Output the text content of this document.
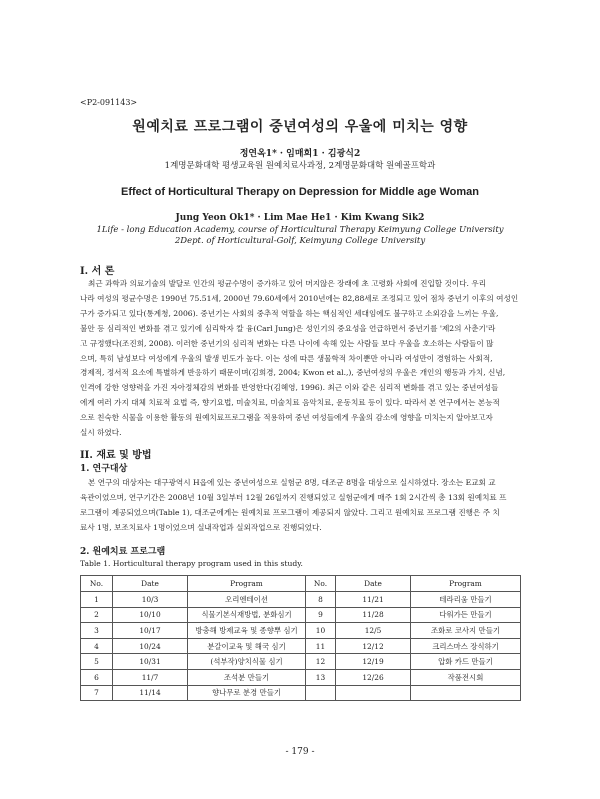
<P2-091143>
원예치료 프로그램이 중년여성의 우울에 미치는 영향
정연옥1* · 임매희1 · 김광식2
1계명문화대학 평생교육원 원예치료사과정, 2계명문화대학 원예골프학과
Effect of Horticultural Therapy on Depression for Middle age Woman
Jung Yeon Ok1* · Lim Mae He1 · Kim Kwang Sik2
1Life - long Education Academy, course of Horticultural Therapy Keimyung College University
2Dept. of Horticultural-Golf, Keimyung College University
I. 서 론
최근 과학과 의료기술의 발달로 인간의 평균수명이 증가하고 있어 머지않은 장래에 초 고령화 사회에 진입할 것이다. 우리
나라 여성의 평균수명은 1990년 75.51세, 2000년 79.60세에서 2010년에는 82,88세로 조정되고 있어 점차 중년기 이후의 여성인
구가 증가되고 있다(통계청, 2006). 중년기는 사회의 중추적 역할을 하는 핵심적인 세대임에도 불구하고 소외감을 느끼는 우울,
불안 등 심리적인 변화를 겪고 있기에 심리학자 칼 융(Carl Jung)은 성인기의 중요성을 언급하면서 중년기를 '제2의 사춘기'라
고 규정했다(조진희, 2008). 이러한 중년기의 심리적 변화는 다른 나이에 속해 있는 사람들 보다 우울을 호소하는 사람들이 많
으며, 특히 남성보다 여성에게 우울의 발생 빈도가 높다. 이는 성에 따른 생물학적 차이뿐만 아니라 여성만이 경험하는 사회적,
경제적, 정서적 요소에 특별하게 반응하기 때문이며(김희경, 2004; Kwon et al.,), 중년여성의 우울은 개인의 행동과 가치, 신념,
인격에 강한 영향력을 가진 자아정체감의 변화를 반영한다(김혜영, 1996). 최근 이와 같은 심리적 변화를 겪고 있는 중년여성들
에게 여러 가지 대체 치료적 요법 즉, 향기요법, 미술치료, 미술치료 음악치료, 운동치료 등이 있다. 따라서 본 연구에서는 본능적
으로 친숙한 식물을 이용한 활동의 원예치료프로그램을 적용하여 중년 여성들에게 우울의 감소에 영향을 미치는지 알아보고자
실시 하였다.
II. 재료 및 방법
1. 연구대상
본 연구의 대상자는 대구광역시 H읍에 있는 중년여성으로 실험군 8명, 대조군 8명을 대상으로 실시하였다. 장소는 E교회 교
육관이었으며, 연구기간은 2008년 10월 3일부터 12월 26일까지 진행되었고 실험군에게 매주 1회 2시간씩 총 13회 원예치료 프
로그램이 제공되었으며(Table 1), 대조군에게는 원예치료 프로그램이 제공되지 않았다. 그리고 원예치료 프로그램 진행은 주 치
료사 1명, 보조치료사 1명이었으며 실내작업과 실외작업으로 진행되었다.
2. 원예치료 프로그램
Table 1. Horticultural therapy program used in this study.
No.	Date	Program	No.	Date	Program
1	10/3	오리엔테이션	8	11/21	테라리움 만들기
2	10/10	식물기본식재방법, 분화심기	9	11/28	다워가든 만들기
3	10/17	방충해 방제교육 및 종향뿌 심기	10	12/5	조화로 코사지 만들기
4	10/24	분갈이교육 및 해국 심기	11	12/12	크리스마스 장식하기
5	10/31	(석부작)양치식물 심기	12	12/19	압화 카드 만들기
6	11/7	조석분 만들기	13	12/26	작품전시회
7	11/14	향나무로 분경 만들기			
- 179 -
